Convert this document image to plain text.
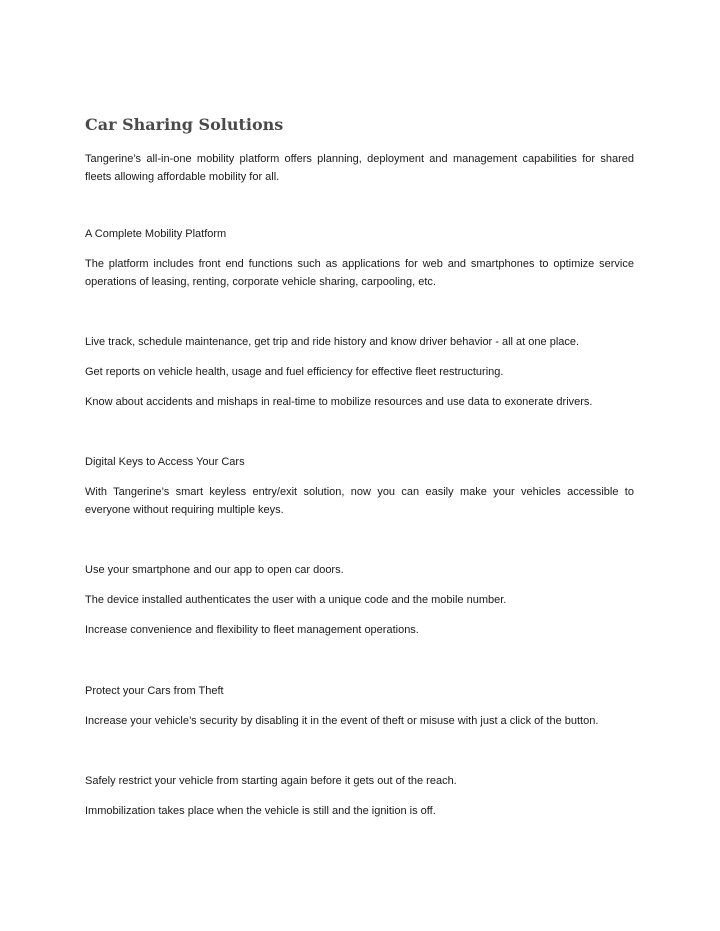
Car Sharing Solutions

Tangerine’s all-in-one mobility platform offers planning, deployment and management capabilities for shared fleets allowing affordable mobility for all.

A Complete Mobility Platform

The platform includes front end functions such as applications for web and smartphones to optimize service operations of leasing, renting, corporate vehicle sharing, carpooling, etc.

Live track, schedule maintenance, get trip and ride history and know driver behavior - all at one place.

Get reports on vehicle health, usage and fuel efficiency for effective fleet restructuring.

Know about accidents and mishaps in real-time to mobilize resources and use data to exonerate drivers.

Digital Keys to Access Your Cars

With Tangerine’s smart keyless entry/exit solution, now you can easily make your vehicles accessible to everyone without requiring multiple keys.

Use your smartphone and our app to open car doors.

The device installed authenticates the user with a unique code and the mobile number.

Increase convenience and flexibility to fleet management operations.

Protect your Cars from Theft

Increase your vehicle’s security by disabling it in the event of theft or misuse with just a click of the button.

Safely restrict your vehicle from starting again before it gets out of the reach.

Immobilization takes place when the vehicle is still and the ignition is off.
